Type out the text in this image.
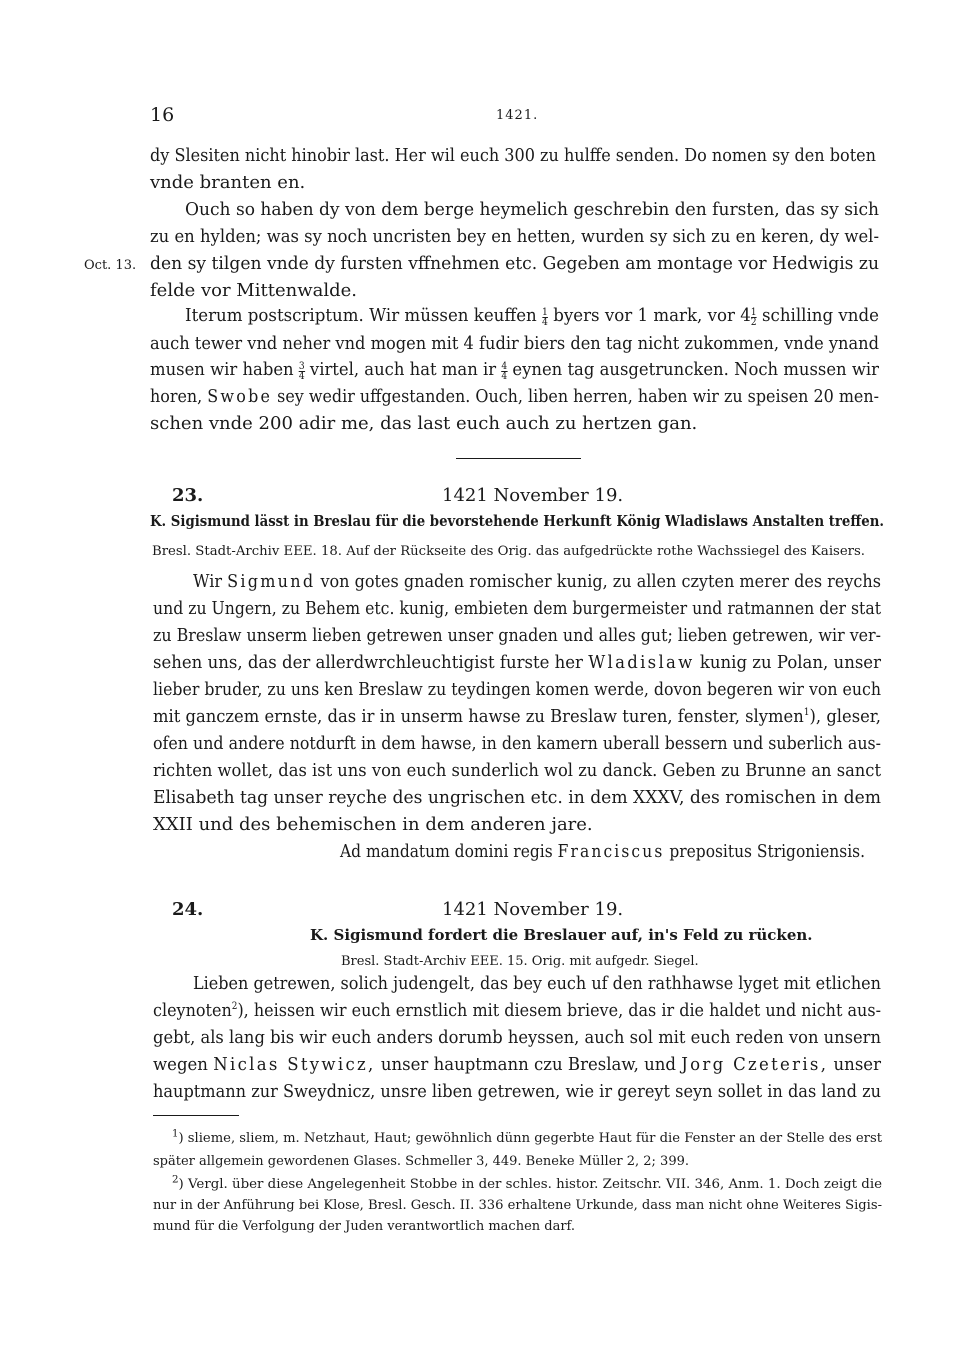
16	1421.
dy Slesiten nicht hinobir last. Her wil euch 300 zu hulffe senden. Do nomen sy den boten
vnde branten en.
Ouch so haben dy von dem berge heymelich geschrebin den fursten, das sy sich
zu en hylden; was sy noch uncristen bey en hetten, wurden sy sich zu en keren, dy wel-
Oct. 13. den sy tilgen vnde dy fursten vffnehmen etc. Gegeben am montage vor Hedwigis zu
felde vor Mittenwalde.
Iterum postscriptum. Wir müssen keuffen $\frac{1}{4}$ byers vor 1 mark, vor $4 \frac{1}{2}$ schilling vnde
auch tewer vnd neher vnd mogen mit 4 fudir biers den tag nicht zukommen, vnde ynand
musen wir haben $\frac{3}{4}$ virtel, auch hat man ir $\frac{4}{4}$ eynen tag ausgetruncken. Noch mussen wir
horen, Swobe sey wedir uffgestanden. Ouch, liben herren, haben wir zu speisen 20 men-
schen vnde 200 adir me, das last euch auch zu hertzen gan.
23.	1421 November 19.
K. Sigismund lässt in Breslau für die bevorstehende Herkunft König Wladislaws Anstalten treffen.
Bresl. Stadt-Archiv EEE. 18. Auf der Rückseite des Orig. das aufgedrückte rothe Wachssiegel des Kaisers.
Wir Sigmund von gotes gnaden romischer kunig, zu allen czyten merer des reychs
und zu Ungern, zu Behem etc. kunig, embieten dem burgermeister und ratmannen der stat
zu Breslaw unserm lieben getrewen unser gnaden und alles gut; lieben getrewen, wir ver-
sehen uns, das der allerdwrchleuchtigist furste her Wladislaw kunig zu Polan, unser
lieber bruder, zu uns ken Breslaw zu teydingen komen werde, dovon begeren wir von euch
mit ganczem ernste, das ir in unserm hawse zu Breslaw turen, fenster, slymen$^1$), gleser,
ofen und andere notdurft in dem hawse, in den kamern uberall bessern und suberlich aus-
richten wollet, das ist uns von euch sunderlich wol zu danck. Geben zu Brunne an sanct
Elisabeth tag unser reyche des ungrischen etc. in dem XXXV, des romischen in dem
XXII und des behemischen in dem anderen jare.
Ad mandatum domini regis Franciscus prepositus Strigoniensis.
24.	1421 November 19.
K. Sigismund fordert die Breslauer auf, in's Feld zu rücken.
Bresl. Stadt-Archiv EEE. 15. Orig. mit aufgedr. Siegel.
Lieben getrewen, solich judengelt, das bey euch uf den rathhawse lyget mit etlichen
cleynoten$^2$), heissen wir euch ernstlich mit diesem brieve, das ir die haldet und nicht aus-
gebt, als lang bis wir euch anders dorumb heyssen, auch sol mit euch reden von unsern
wegen Niclas Stywicz, unser hauptmann czu Breslaw, und Jorg Czeteris, unser
hauptmann zur Sweydnicz, unsre liben getrewen, wie ir gereyt seyn sollet in das land zu
$^1$) slieme, sliem, m. Netzhaut, Haut; gewöhnlich dünn gegerbte Haut für die Fenster an der Stelle des erst
später allgemein gewordenen Glases. Schmeller 3, 449. Beneke Müller 2, 2; 399.
$^2$) Vergl. über diese Angelegenheit Stobbe in der schles. histor. Zeitschr. VII. 346, Anm. 1. Doch zeigt die
nur in der Anführung bei Klose, Bresl. Gesch. II. 336 erhaltene Urkunde, dass man nicht ohne Weiteres Sigis-
mund für die Verfolgung der Juden verantwortlich machen darf.
